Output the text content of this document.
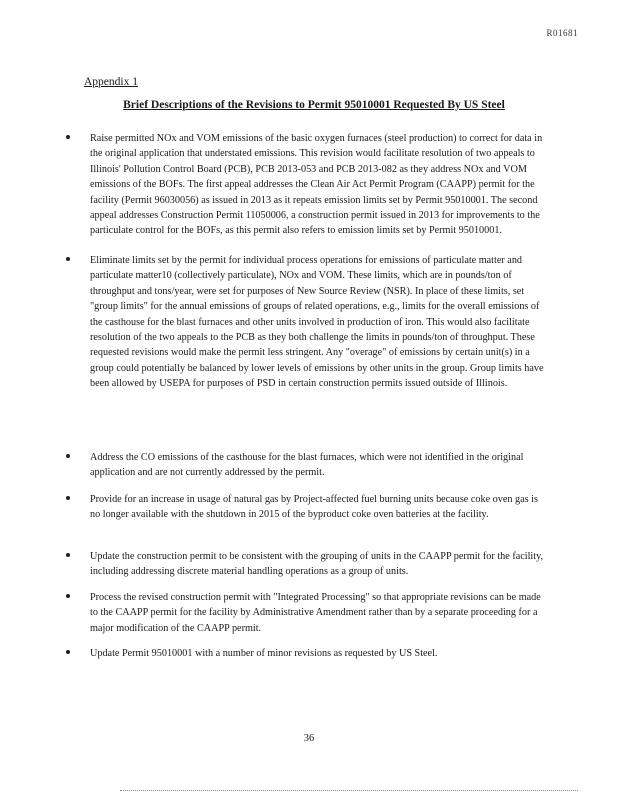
R01681
Appendix 1
Brief Descriptions of the Revisions to Permit 95010001 Requested By US Steel
Raise permitted NOx and VOM emissions of the basic oxygen furnaces (steel production) to correct for data in the original application that understated emissions. This revision would facilitate resolution of two appeals to Illinois' Pollution Control Board (PCB), PCB 2013-053 and PCB 2013-082 as they address NOx and VOM emissions of the BOFs. The first appeal addresses the Clean Air Act Permit Program (CAAPP) permit for the facility (Permit 96030056) as issued in 2013 as it repeats emission limits set by Permit 95010001. The second appeal addresses Construction Permit 11050006, a construction permit issued in 2013 for improvements to the particulate control for the BOFs, as this permit also refers to emission limits set by Permit 95010001.
Eliminate limits set by the permit for individual process operations for emissions of particulate matter and particulate matter10 (collectively particulate), NOx and VOM. These limits, which are in pounds/ton of throughput and tons/year, were set for purposes of New Source Review (NSR). In place of these limits, set "group limits" for the annual emissions of groups of related operations, e.g., limits for the overall emissions of the casthouse for the blast furnaces and other units involved in production of iron. This would also facilitate resolution of the two appeals to the PCB as they both challenge the limits in pounds/ton of throughput. These requested revisions would make the permit less stringent. Any "overage" of emissions by certain unit(s) in a group could potentially be balanced by lower levels of emissions by other units in the group. Group limits have been allowed by USEPA for purposes of PSD in certain construction permits issued outside of Illinois.
Address the CO emissions of the casthouse for the blast furnaces, which were not identified in the original application and are not currently addressed by the permit.
Provide for an increase in usage of natural gas by Project-affected fuel burning units because coke oven gas is no longer available with the shutdown in 2015 of the byproduct coke oven batteries at the facility.
Update the construction permit to be consistent with the grouping of units in the CAAPP permit for the facility, including addressing discrete material handling operations as a group of units.
Process the revised construction permit with "Integrated Processing" so that appropriate revisions can be made to the CAAPP permit for the facility by Administrative Amendment rather than by a separate proceeding for a major modification of the CAAPP permit.
Update Permit 95010001 with a number of minor revisions as requested by US Steel.
36
